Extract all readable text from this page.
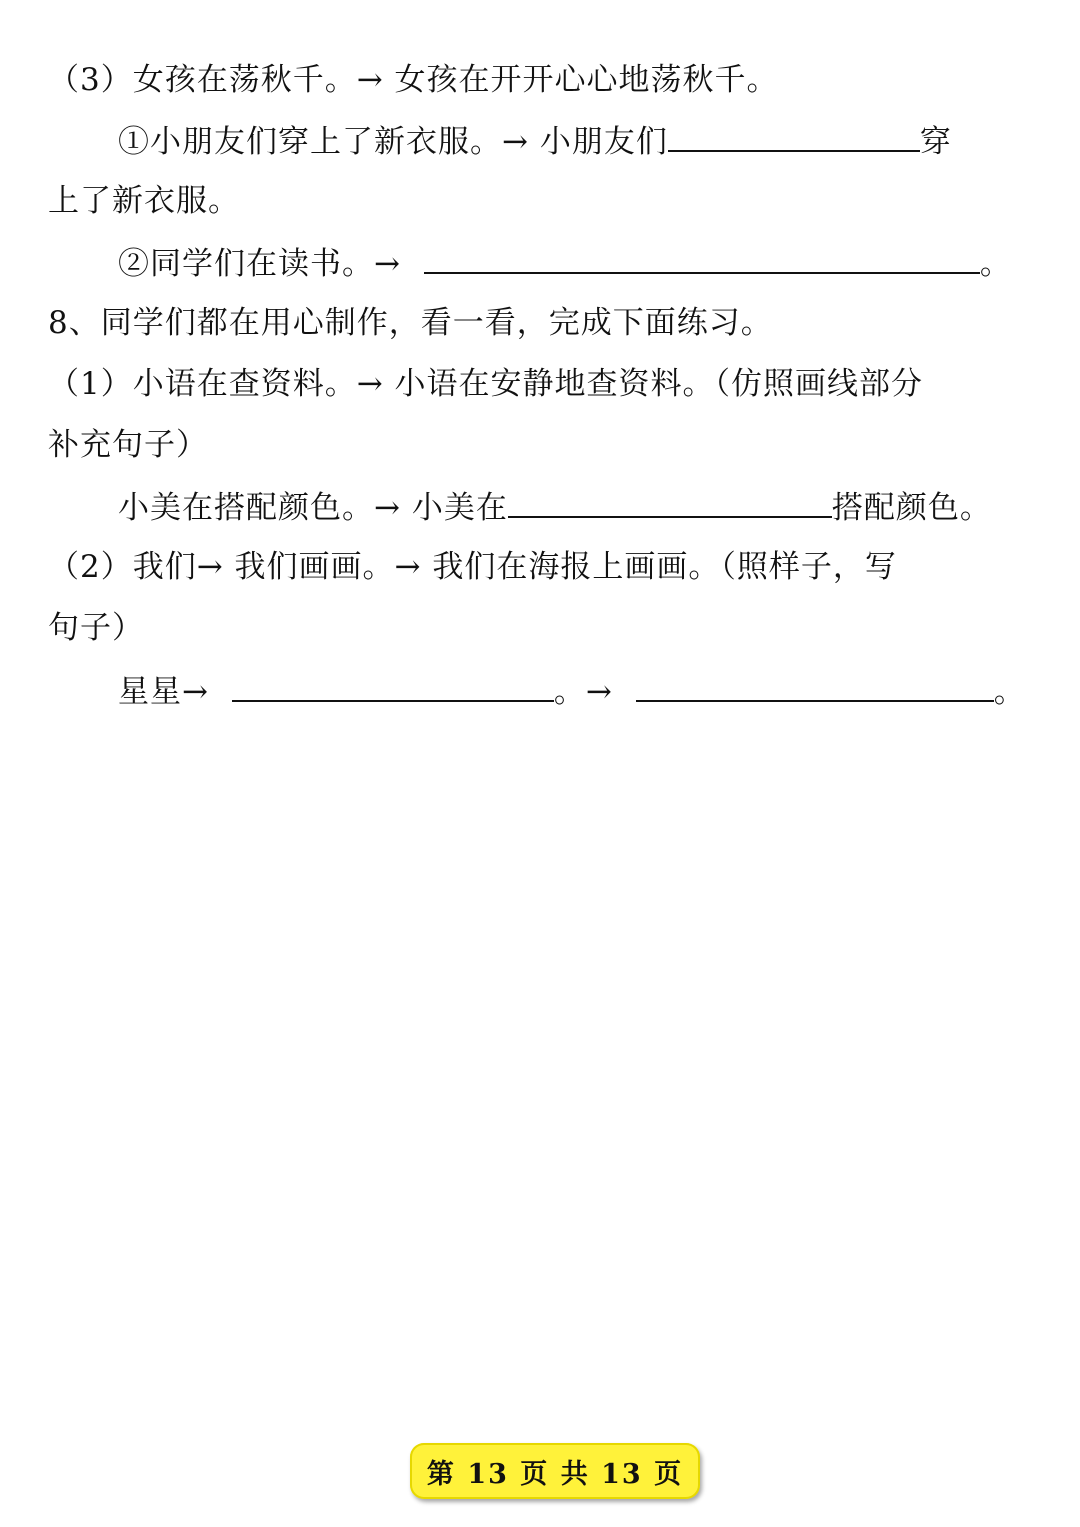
（3）女孩在荡秋千。→ 女孩在开开心心地荡秋千。
①小朋友们穿上了新衣服。→ 小朋友们	穿
上了新衣服。
②同学们在读书。→	。
8、同学们都在用心制作，看一看，完成下面练习。
（1）小语在查资料。→ 小语在安静地查资料。（仿照画线部分
补充句子）
小美在搭配颜色。→ 小美在	搭配颜色。
（2）我们→ 我们画画。→ 我们在海报上画画。（照样子，写
句子）
星星→	。→	。
第 13 页 共 13 页
